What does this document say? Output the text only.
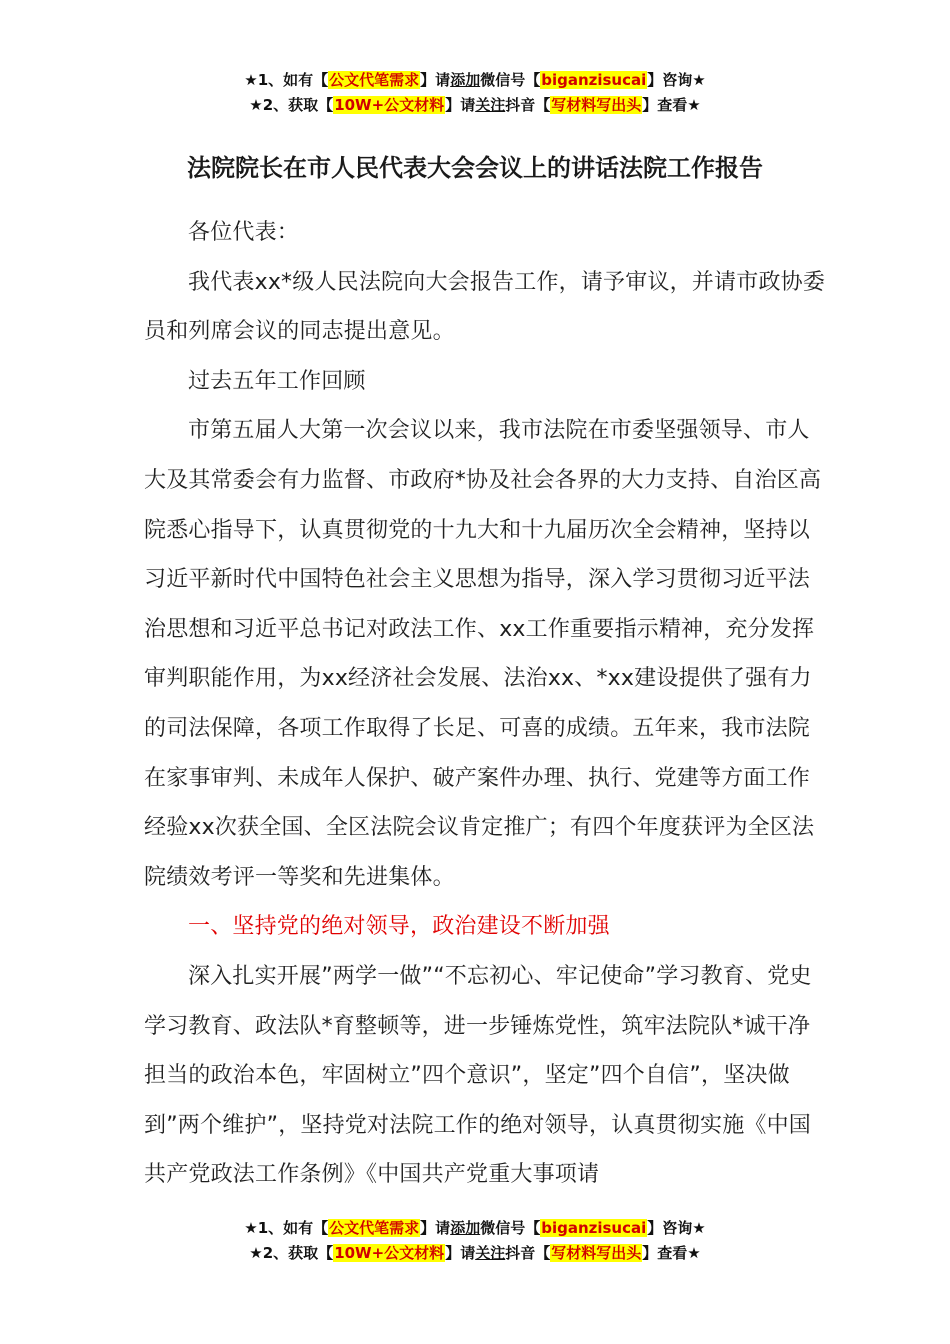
★1、如有【公文代笔需求】请添加微信号【biganzisucai】咨询★
★2、获取【10W+公文材料】请关注抖音【写材料写出头】查看★
法院院长在市人民代表大会会议上的讲话法院工作报告

各位代表：

我代表xx*级人民法院向大会报告工作，请予审议，并请市政协委员和列席会议的同志提出意见。

过去五年工作回顾

市第五届人大第一次会议以来，我市法院在市委坚强领导、市人大及其常委会有力监督、市政府*协及社会各界的大力支持、自治区高院悉心指导下，认真贯彻党的十九大和十九届历次全会精神，坚持以习近平新时代中国特色社会主义思想为指导，深入学习贯彻习近平法治思想和习近平总书记对政法工作、xx工作重要指示精神，充分发挥审判职能作用，为xx经济社会发展、法治xx、*xx建设提供了强有力的司法保障，各项工作取得了长足、可喜的成绩。五年来，我市法院在家事审判、未成年人保护、破产案件办理、执行、党建等方面工作经验xx次获全国、全区法院会议肯定推广；有四个年度获评为全区法院绩效考评一等奖和先进集体。

一、坚持党的绝对领导，政治建设不断加强

深入扎实开展”两学一做”“不忘初心、牢记使命”学习教育、党史学习教育、政法队*育整顿等，进一步锤炼党性，筑牢法院队*诚干净担当的政治本色，牢固树立”四个意识”，坚定”四个自信”，坚决做到”两个维护”，坚持党对法院工作的绝对领导，认真贯彻实施《中国共产党政法工作条例》《中国共产党重大事项请

★1、如有【公文代笔需求】请添加微信号【biganzisucai】咨询★
★2、获取【10W+公文材料】请关注抖音【写材料写出头】查看★
